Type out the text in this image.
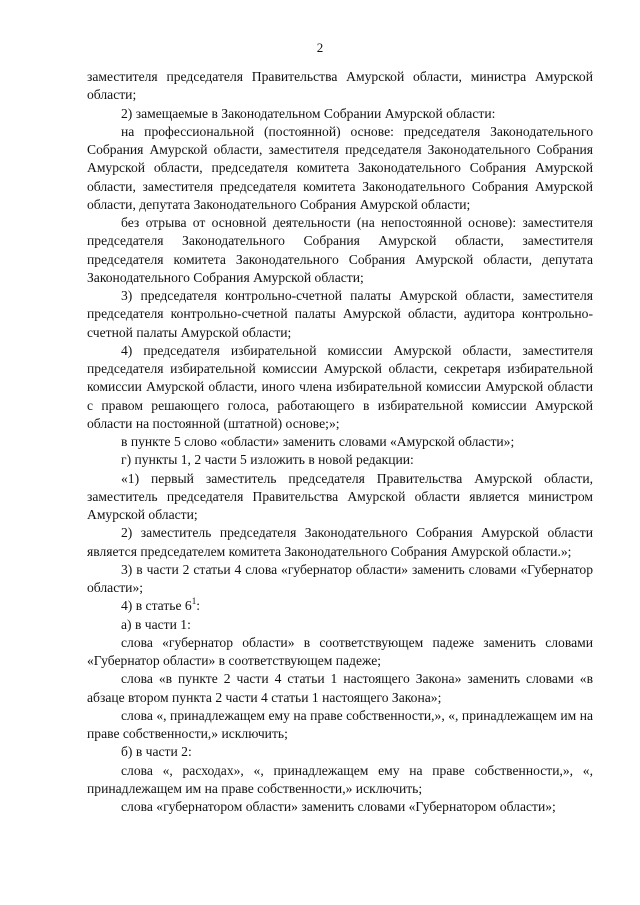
2

заместителя председателя Правительства Амурской области, министра Амурской области;

2) замещаемые в Законодательном Собрании Амурской области:

на профессиональной (постоянной) основе: председателя Законодательного Собрания Амурской области, заместителя председателя Законодательного Собрания Амурской области, председателя комитета Законодательного Собрания Амурской области, заместителя председателя комитета Законодательного Собрания Амурской области, депутата Законодательного Собрания Амурской области;

без отрыва от основной деятельности (на непостоянной основе): заместителя председателя Законодательного Собрания Амурской области, заместителя председателя комитета Законодательного Собрания Амурской области, депутата Законодательного Собрания Амурской области;

3) председателя контрольно-счетной палаты Амурской области, заместителя председателя контрольно-счетной палаты Амурской области, аудитора контрольно-счетной палаты Амурской области;

4) председателя избирательной комиссии Амурской области, заместителя председателя избирательной комиссии Амурской области, секретаря избирательной комиссии Амурской области, иного члена избирательной комиссии Амурской области с правом решающего голоса, работающего в избирательной комиссии Амурской области на постоянной (штатной) основе;»;

в пункте 5 слово «области» заменить словами «Амурской области»;

г) пункты 1, 2 части 5 изложить в новой редакции:

«1) первый заместитель председателя Правительства Амурской области, заместитель председателя Правительства Амурской области является министром Амурской области;

2) заместитель председателя Законодательного Собрания Амурской области является председателем комитета Законодательного Собрания Амурской области.»;

3) в части 2 статьи 4 слова «губернатор области» заменить словами «Губернатор области»;

4) в статье $6^1$:

а) в части 1:

слова «губернатор области» в соответствующем падеже заменить словами «Губернатор области» в соответствующем падеже;

слова «в пункте 2 части 4 статьи 1 настоящего Закона» заменить словами «в абзаце втором пункта 2 части 4 статьи 1 настоящего Закона»;

слова «, принадлежащем ему на праве собственности,», «, принадлежащем им на праве собственности,» исключить;

б) в части 2:

слова «, расходах», «, принадлежащем ему на праве собственности,», «, принадлежащем им на праве собственности,» исключить;

слова «губернатором области» заменить словами «Губернатором области»;
